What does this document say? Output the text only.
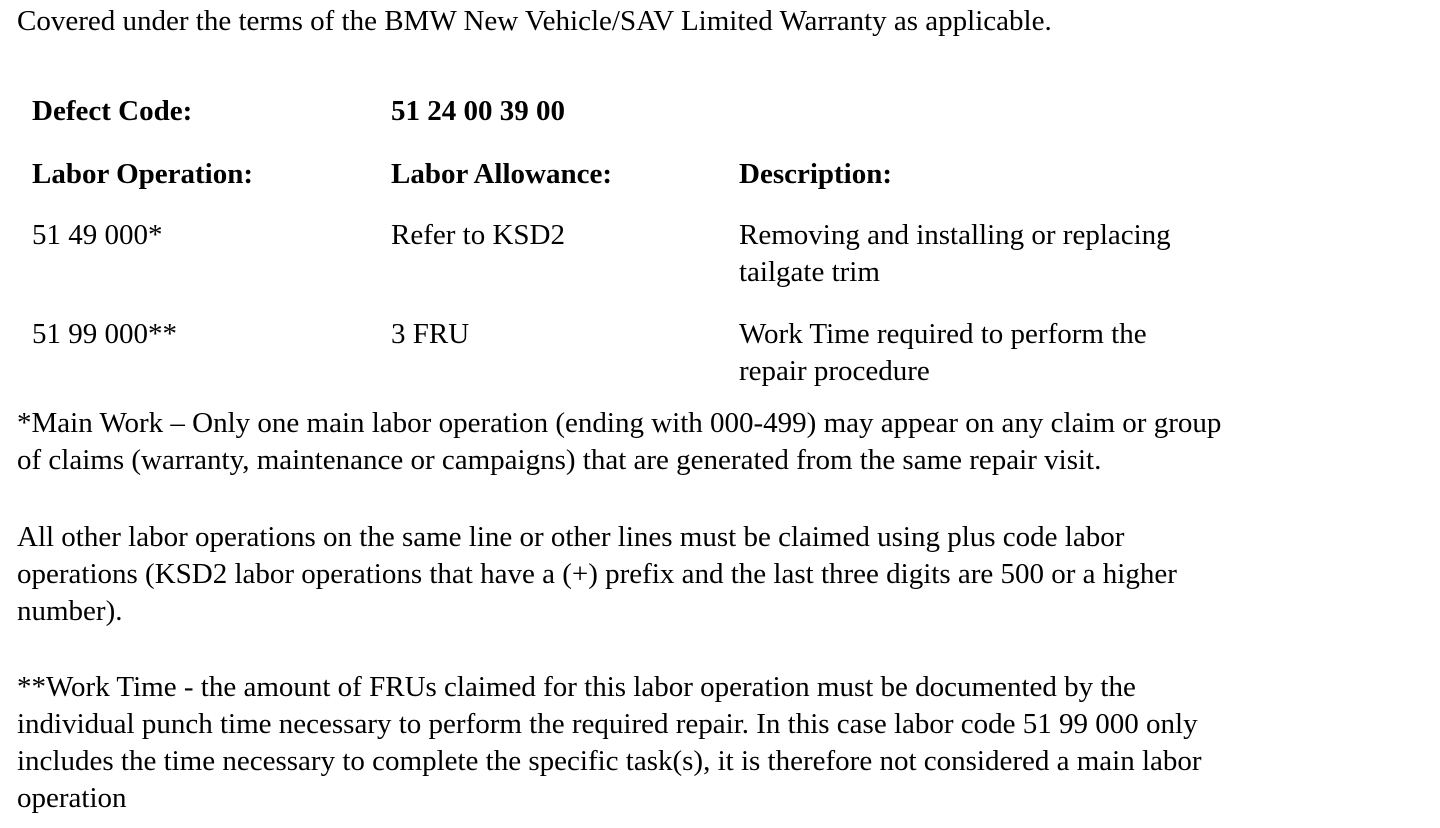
Covered under the terms of the BMW New Vehicle/SAV Limited Warranty as applicable.
Defect Code:	51 24 00 39 00
Labor Operation:	Labor Allowance:	Description:
51 49 000*	Refer to KSD2	Removing and installing or replacing
tailgate trim
51 99 000**	3 FRU	Work Time required to perform the
repair procedure
*Main Work – Only one main labor operation (ending with 000-499) may appear on any claim or group
of claims (warranty, maintenance or campaigns) that are generated from the same repair visit.
All other labor operations on the same line or other lines must be claimed using plus code labor
operations (KSD2 labor operations that have a (+) prefix and the last three digits are 500 or a higher
number).
**Work Time - the amount of FRUs claimed for this labor operation must be documented by the
individual punch time necessary to perform the required repair. In this case labor code 51 99 000 only
includes the time necessary to complete the specific task(s), it is therefore not considered a main labor
operation
